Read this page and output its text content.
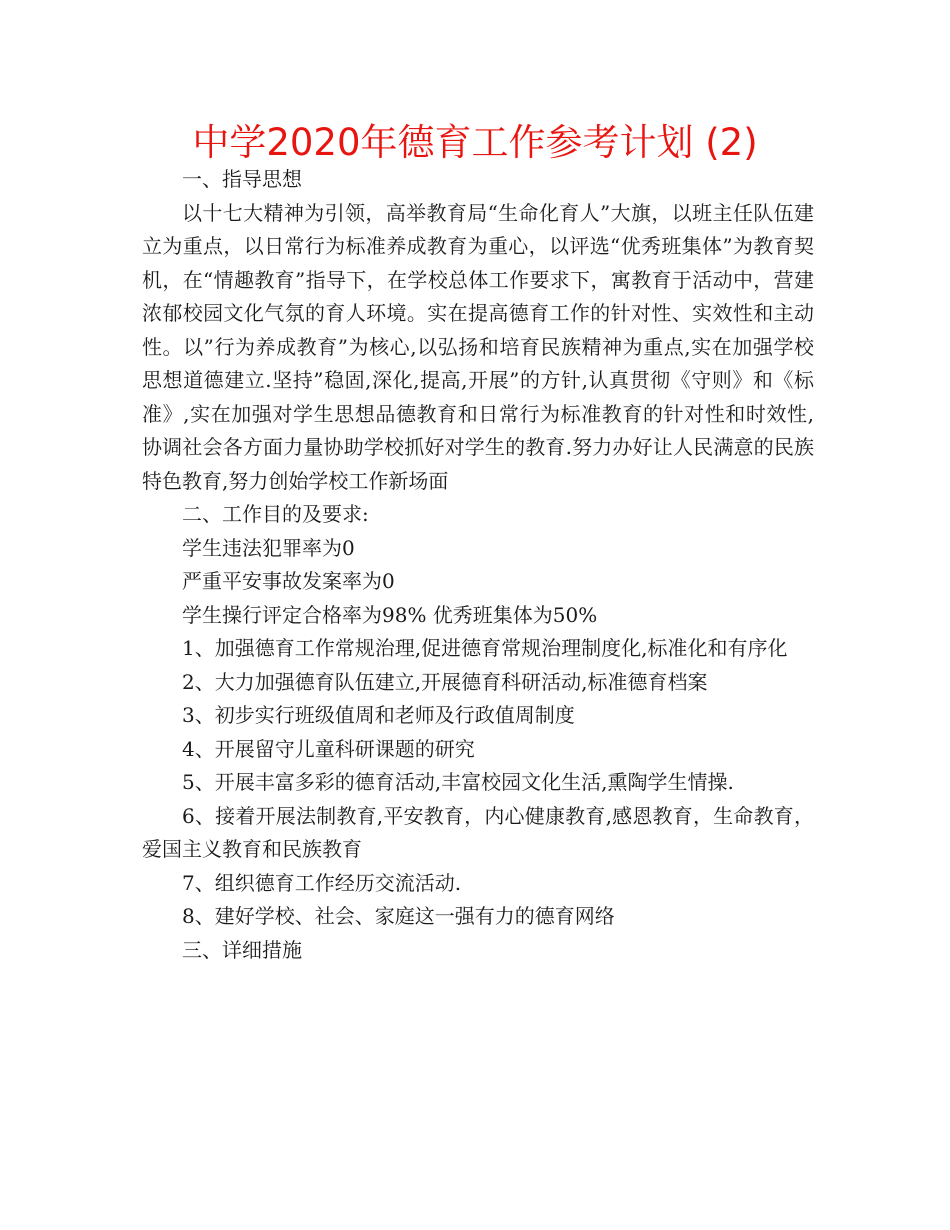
中学2020年德育工作参考计划 (2)

一、指导思想

以十七大精神为引领，高举教育局“生命化育人”大旗，以班主任队伍建立为重点，以日常行为标准养成教育为重心，以评选“优秀班集体”为教育契机，在“情趣教育”指导下，在学校总体工作要求下，寓教育于活动中，营建浓郁校园文化气氛的育人环境。实在提高德育工作的针对性、实效性和主动性。以”行为养成教育”为核心,以弘扬和培育民族精神为重点,实在加强学校思想道德建立.坚持”稳固,深化,提高,开展”的方针,认真贯彻《守则》和《标准》,实在加强对学生思想品德教育和日常行为标准教育的针对性和时效性,协调社会各方面力量协助学校抓好对学生的教育.努力办好让人民满意的民族特色教育,努力创始学校工作新场面

二、工作目的及要求:

学生违法犯罪率为0

严重平安事故发案率为0

学生操行评定合格率为98% 优秀班集体为50%

1、加强德育工作常规治理,促进德育常规治理制度化,标准化和有序化

2、大力加强德育队伍建立,开展德育科研活动,标准德育档案

3、初步实行班级值周和老师及行政值周制度

4、开展留守儿童科研课题的研究

5、开展丰富多彩的德育活动,丰富校园文化生活,熏陶学生情操.

6、接着开展法制教育,平安教育，内心健康教育,感恩教育，生命教育，爱国主义教育和民族教育

7、组织德育工作经历交流活动.

8、建好学校、社会、家庭这一强有力的德育网络

三、详细措施
